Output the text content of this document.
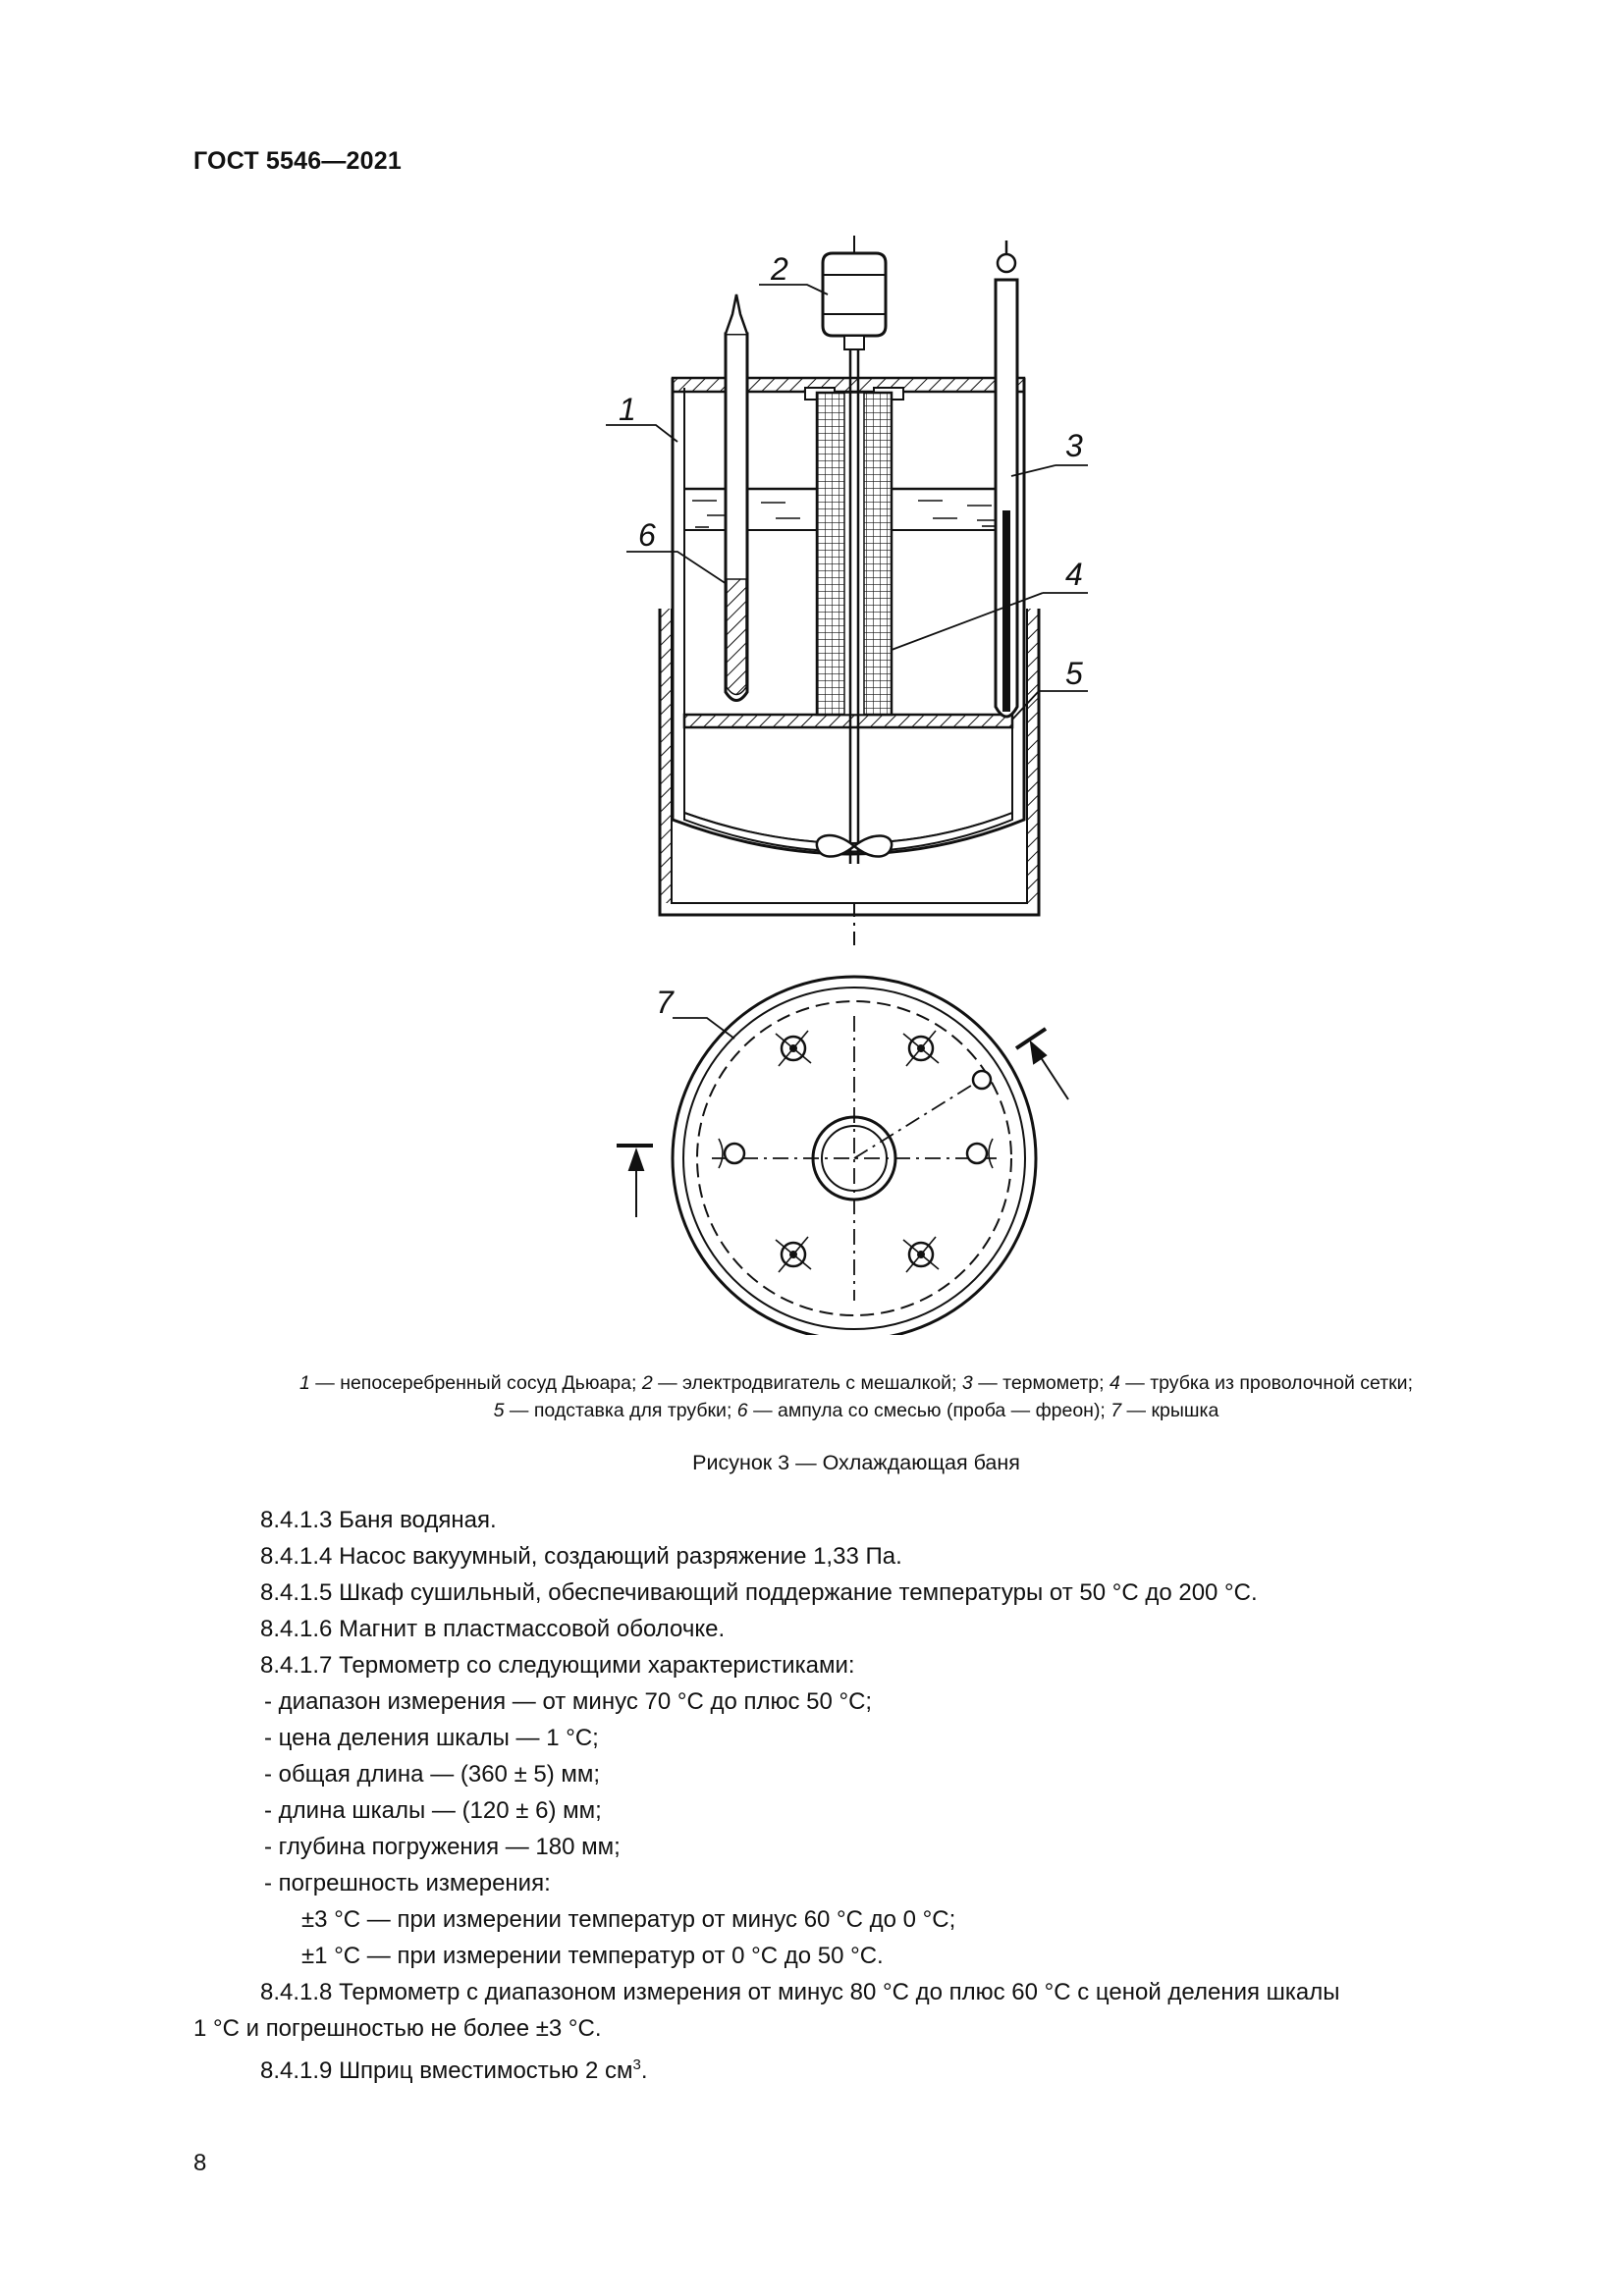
ГОСТ 5546—2021
1
2
3
4
5
6
7
1 — непосеребренный сосуд Дьюара; 2 — электродвигатель с мешалкой; 3 — термометр; 4 — трубка из проволочной сетки;
5 — подставка для трубки; 6 — ампула со смесью (проба — фреон); 7 — крышка
Рисунок 3 — Охлаждающая баня

8.4.1.3 Баня водяная.

8.4.1.4 Насос вакуумный, создающий разряжение 1,33 Па.

8.4.1.5 Шкаф сушильный, обеспечивающий поддержание температуры от 50 °C до 200 °C.

8.4.1.6 Магнит в пластмассовой оболочке.

8.4.1.7 Термометр со следующими характеристиками:

- диапазон измерения — от минус 70 °C до плюс 50 °C;

- цена деления шкалы — 1 °C;

- общая длина — (360 ± 5) мм;

- длина шкалы — (120 ± 6) мм;

- глубина погружения — 180 мм;

- погрешность измерения:

±3 °C — при измерении температур от минус 60 °C до 0 °C;

±1 °C — при измерении температур от 0 °C до 50 °C.

8.4.1.8 Термометр с диапазоном измерения от минус 80 °C до плюс 60 °C с ценой деления шкалы

1 °C и погрешностью не более ±3 °C.

8.4.1.9 Шприц вместимостью 2 $см^3$.

8
